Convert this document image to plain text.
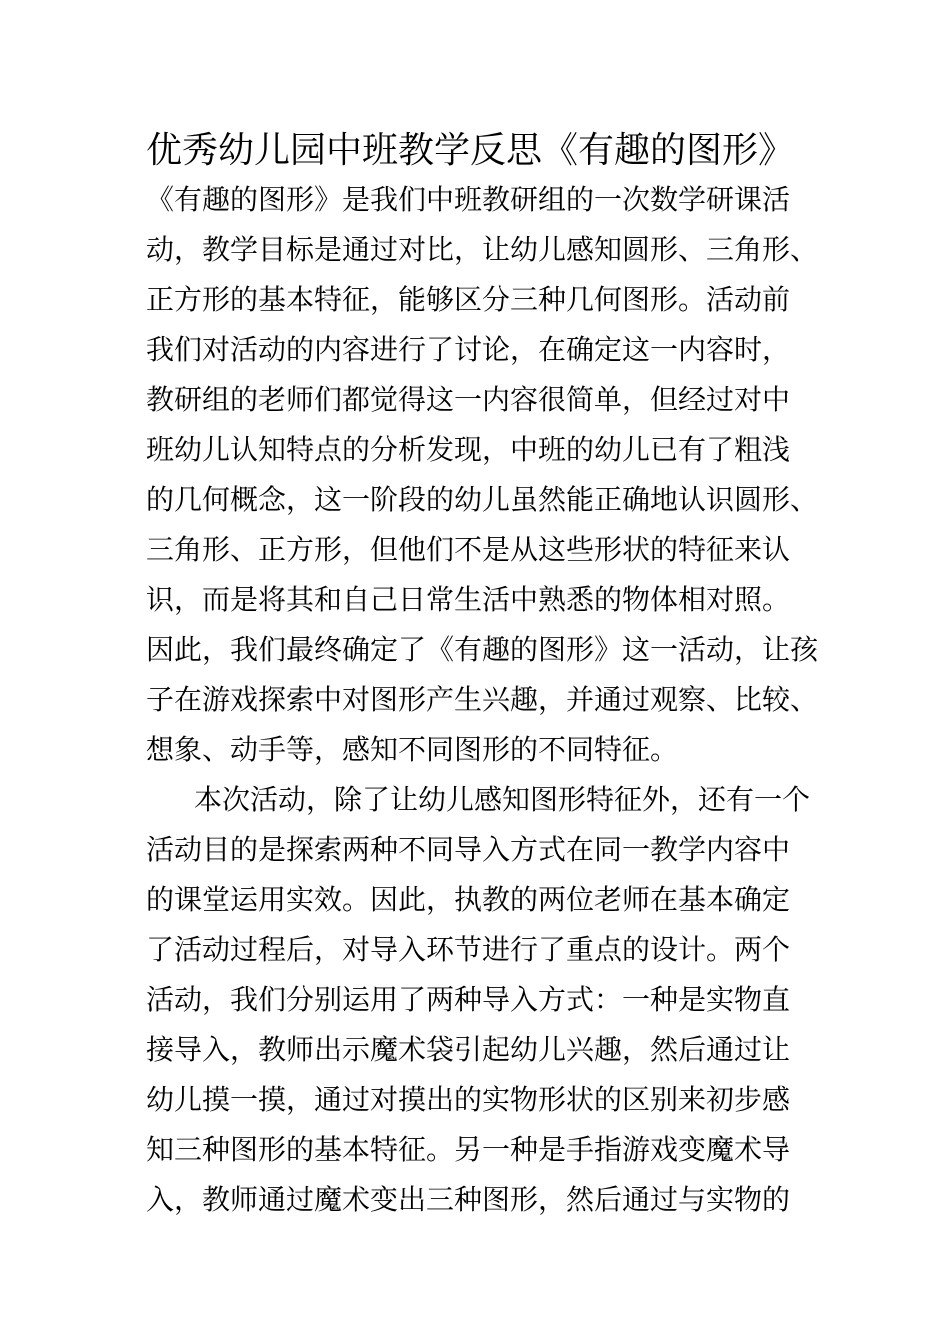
优秀幼儿园中班教学反思《有趣的图形》

《有趣的图形》是我们中班教研组的一次数学研课活

动，教学目标是通过对比，让幼儿感知圆形、三角形、

正方形的基本特征，能够区分三种几何图形。活动前

我们对活动的内容进行了讨论，在确定这一内容时，

教研组的老师们都觉得这一内容很简单，但经过对中

班幼儿认知特点的分析发现，中班的幼儿已有了粗浅

的几何概念，这一阶段的幼儿虽然能正确地认识圆形、

三角形、正方形，但他们不是从这些形状的特征来认

识，而是将其和自己日常生活中熟悉的物体相对照。

因此，我们最终确定了《有趣的图形》这一活动，让孩

子在游戏探索中对图形产生兴趣，并通过观察、比较、

想象、动手等，感知不同图形的不同特征。

本次活动，除了让幼儿感知图形特征外，还有一个

活动目的是探索两种不同导入方式在同一教学内容中

的课堂运用实效。因此，执教的两位老师在基本确定

了活动过程后，对导入环节进行了重点的设计。两个

活动，我们分别运用了两种导入方式：一种是实物直

接导入，教师出示魔术袋引起幼儿兴趣，然后通过让

幼儿摸一摸，通过对摸出的实物形状的区别来初步感

知三种图形的基本特征。另一种是手指游戏变魔术导

入，教师通过魔术变出三种图形，然后通过与实物的
